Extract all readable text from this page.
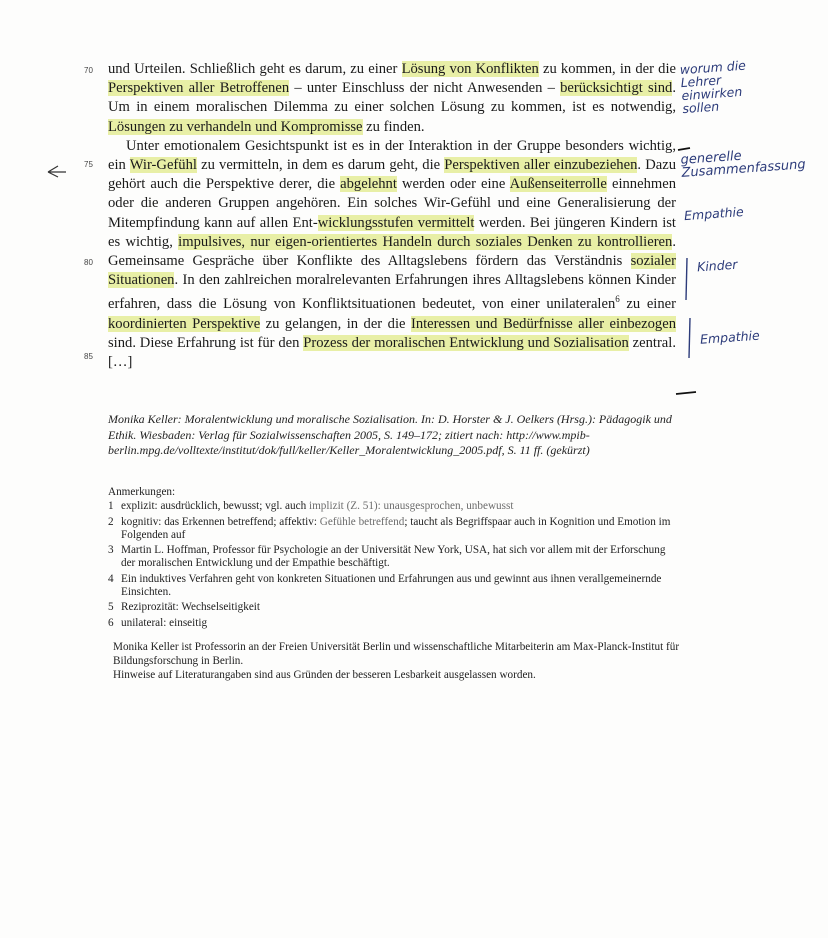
70
75
80
85

und Urteilen. Schließlich geht es darum, zu einer Lösung von Konflikten zu kommen, in der die Perspektiven aller Betroffenen – unter Einschluss der nicht Anwesenden – berücksichtigt sind. Um in einem moralischen Dilemma zu einer solchen Lösung zu kommen, ist es notwendig, Lösungen zu verhandeln und Kompromisse zu finden.

Unter emotionalem Gesichtspunkt ist es in der Interaktion in der Gruppe besonders wichtig, ein Wir-Gefühl zu vermitteln, in dem es darum geht, die Perspektiven aller einzubeziehen. Dazu gehört auch die Perspektive derer, die abgelehnt werden oder eine Außenseiterrolle einnehmen oder die anderen Gruppen angehören. Ein solches Wir-Gefühl und eine Generalisierung der Mitempfindung kann auf allen Ent-wicklungsstufen vermittelt werden. Bei jüngeren Kindern ist es wichtig, impulsives, nur eigen-orientiertes Handeln durch soziales Denken zu kontrollieren. Gemeinsame Gespräche über Konflikte des Alltagslebens fördern das Verständnis sozialer Situationen. In den zahlreichen moralrelevanten Erfahrungen ihres Alltagslebens können Kinder erfahren, dass die Lösung von Konfliktsituationen bedeutet, von einer unilateralen$^6$ zu einer koordinierten Perspektive zu gelangen, in der die Interessen und Bedürfnisse aller einbezogen sind. Diese Erfahrung ist für den Prozess der moralischen Entwicklung und Sozialisation zentral. […]

Monika Keller: Moralentwicklung und moralische Sozialisation. In: D. Horster & J. Oelkers (Hrsg.): Pädagogik und Ethik. Wiesbaden: Verlag für Sozialwissenschaften 2005, S. 149–172; zitiert nach: http://www.mpib-berlin.mpg.de/volltexte/institut/dok/full/keller/Keller_Moralentwicklung_2005.pdf, S. 11 ff. (gekürzt)
Anmerkungen:
1 explizit: ausdrücklich, bewusst; vgl. auch implizit (Z. 51): unausgesprochen, unbewusst
2 kognitiv: das Erkennen betreffend; affektiv: Gefühle betreffend; taucht als Begriffspaar auch in Kognition und Emotion im Folgenden auf
3 Martin L. Hoffman, Professor für Psychologie an der Universität New York, USA, hat sich vor allem mit der Erforschung der moralischen Entwicklung und der Empathie beschäftigt.
4 Ein induktives Verfahren geht von konkreten Situationen und Erfahrungen aus und gewinnt aus ihnen verallgemeinernde Einsichten.
5 Reziprozität: Wechselseitigkeit
6 unilateral: einseitig

Monika Keller ist Professorin an der Freien Universität Berlin und wissenschaftliche Mitarbeiterin am Max-Planck-Institut für Bildungsforschung in Berlin.

Hinweise auf Literaturangaben sind aus Gründen der besseren Lesbarkeit ausgelassen worden.

worum die Lehrer einwirken sollen
generelle Zusammenfassung
Empathie
Kinder
Empathie
